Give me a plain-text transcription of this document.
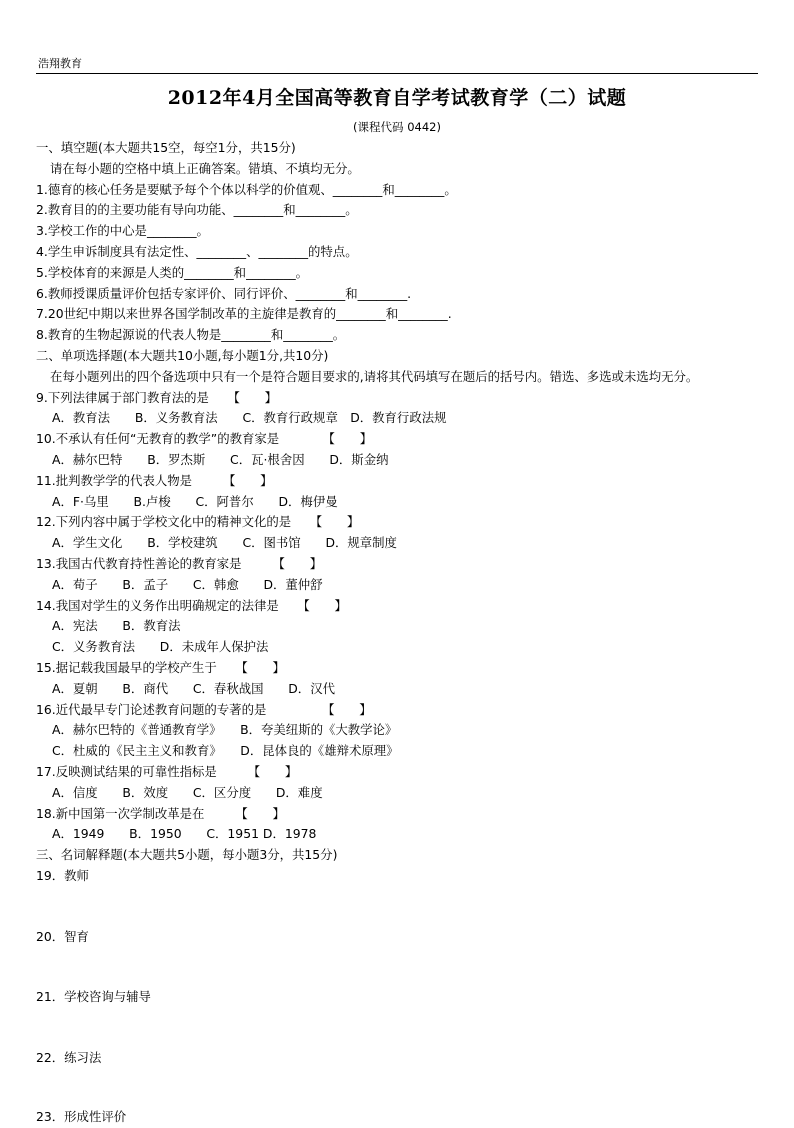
浩翔教育
2012年4月全国高等教育自学考试教育学（二）试题
(课程代码 0442)
一、填空题(本大题共15空，每空1分，共15分)
请在每小题的空格中填上正确答案。错填、不填均无分。
1.德育的核心任务是要赋予每个个体以科学的价值观、________和________。
2.教育目的的主要功能有导向功能、________和________。
3.学校工作的中心是________。
4.学生申诉制度具有法定性、________、________的特点。
5.学校体育的来源是人类的________和________。
6.教师授课质量评价包括专家评价、同行评价、________和________.
7.20世纪中期以来世界各国学制改革的主旋律是教育的________和________.
8.教育的生物起源说的代表人物是________和________。
二、单项选择题(本大题共10小题,每小题1分,共10分)
在每小题列出的四个备选项中只有一个是符合题目要求的,请将其代码填写在题后的括号内。错选、多选或未选均无分。
9.下列法律属于部门教育法的是　　【　　】
A．教育法　　B．义务教育法　　C．教育行政规章　D．教育行政法规
10.不承认有任何“无教育的教学”的教育家是　　　　【　　】
A．赫尔巴特　　B．罗杰斯　　C．瓦·根舍因　　D．斯金纳
11.批判教学学的代表人物是　　　【　　】
A．F·乌里　　B.卢梭　　C．阿普尔　　D．梅伊曼
12.下列内容中属于学校文化中的精神文化的是　　【　　】
A．学生文化　　B．学校建筑　　C．图书馆　　D．规章制度
13.我国古代教育持性善论的教育家是　　　【　　】
A．荀子　　B．孟子　　C．韩愈　　D．董仲舒
14.我国对学生的义务作出明确规定的法律是　　【　　】
A．宪法　　B．教育法
C．义务教育法　　D．未成年人保护法
15.据记载我国最早的学校产生于　　【　　】
A．夏朝　　B．商代　　C．春秋战国　　D．汉代
16.近代最早专门论述教育问题的专著的是　　　　　【　　】
A．赫尔巴特的《普通教育学》　　B．夸美纽斯的《大教学论》
C．杜威的《民主主义和教育》　　D．昆体良的《雄辩术原理》
17.反映测试结果的可靠性指标是　　　【　　】
A．信度　　B．效度　　C．区分度　　D．难度
18.新中国第一次学制改革是在　　　【　　】
A．1949　　B．1950　　C．1951 D．1978
三、名词解释题(本大题共5小题，每小题3分，共15分)
19．教师
20．智育
21．学校咨询与辅导
22．练习法
23．形成性评价
